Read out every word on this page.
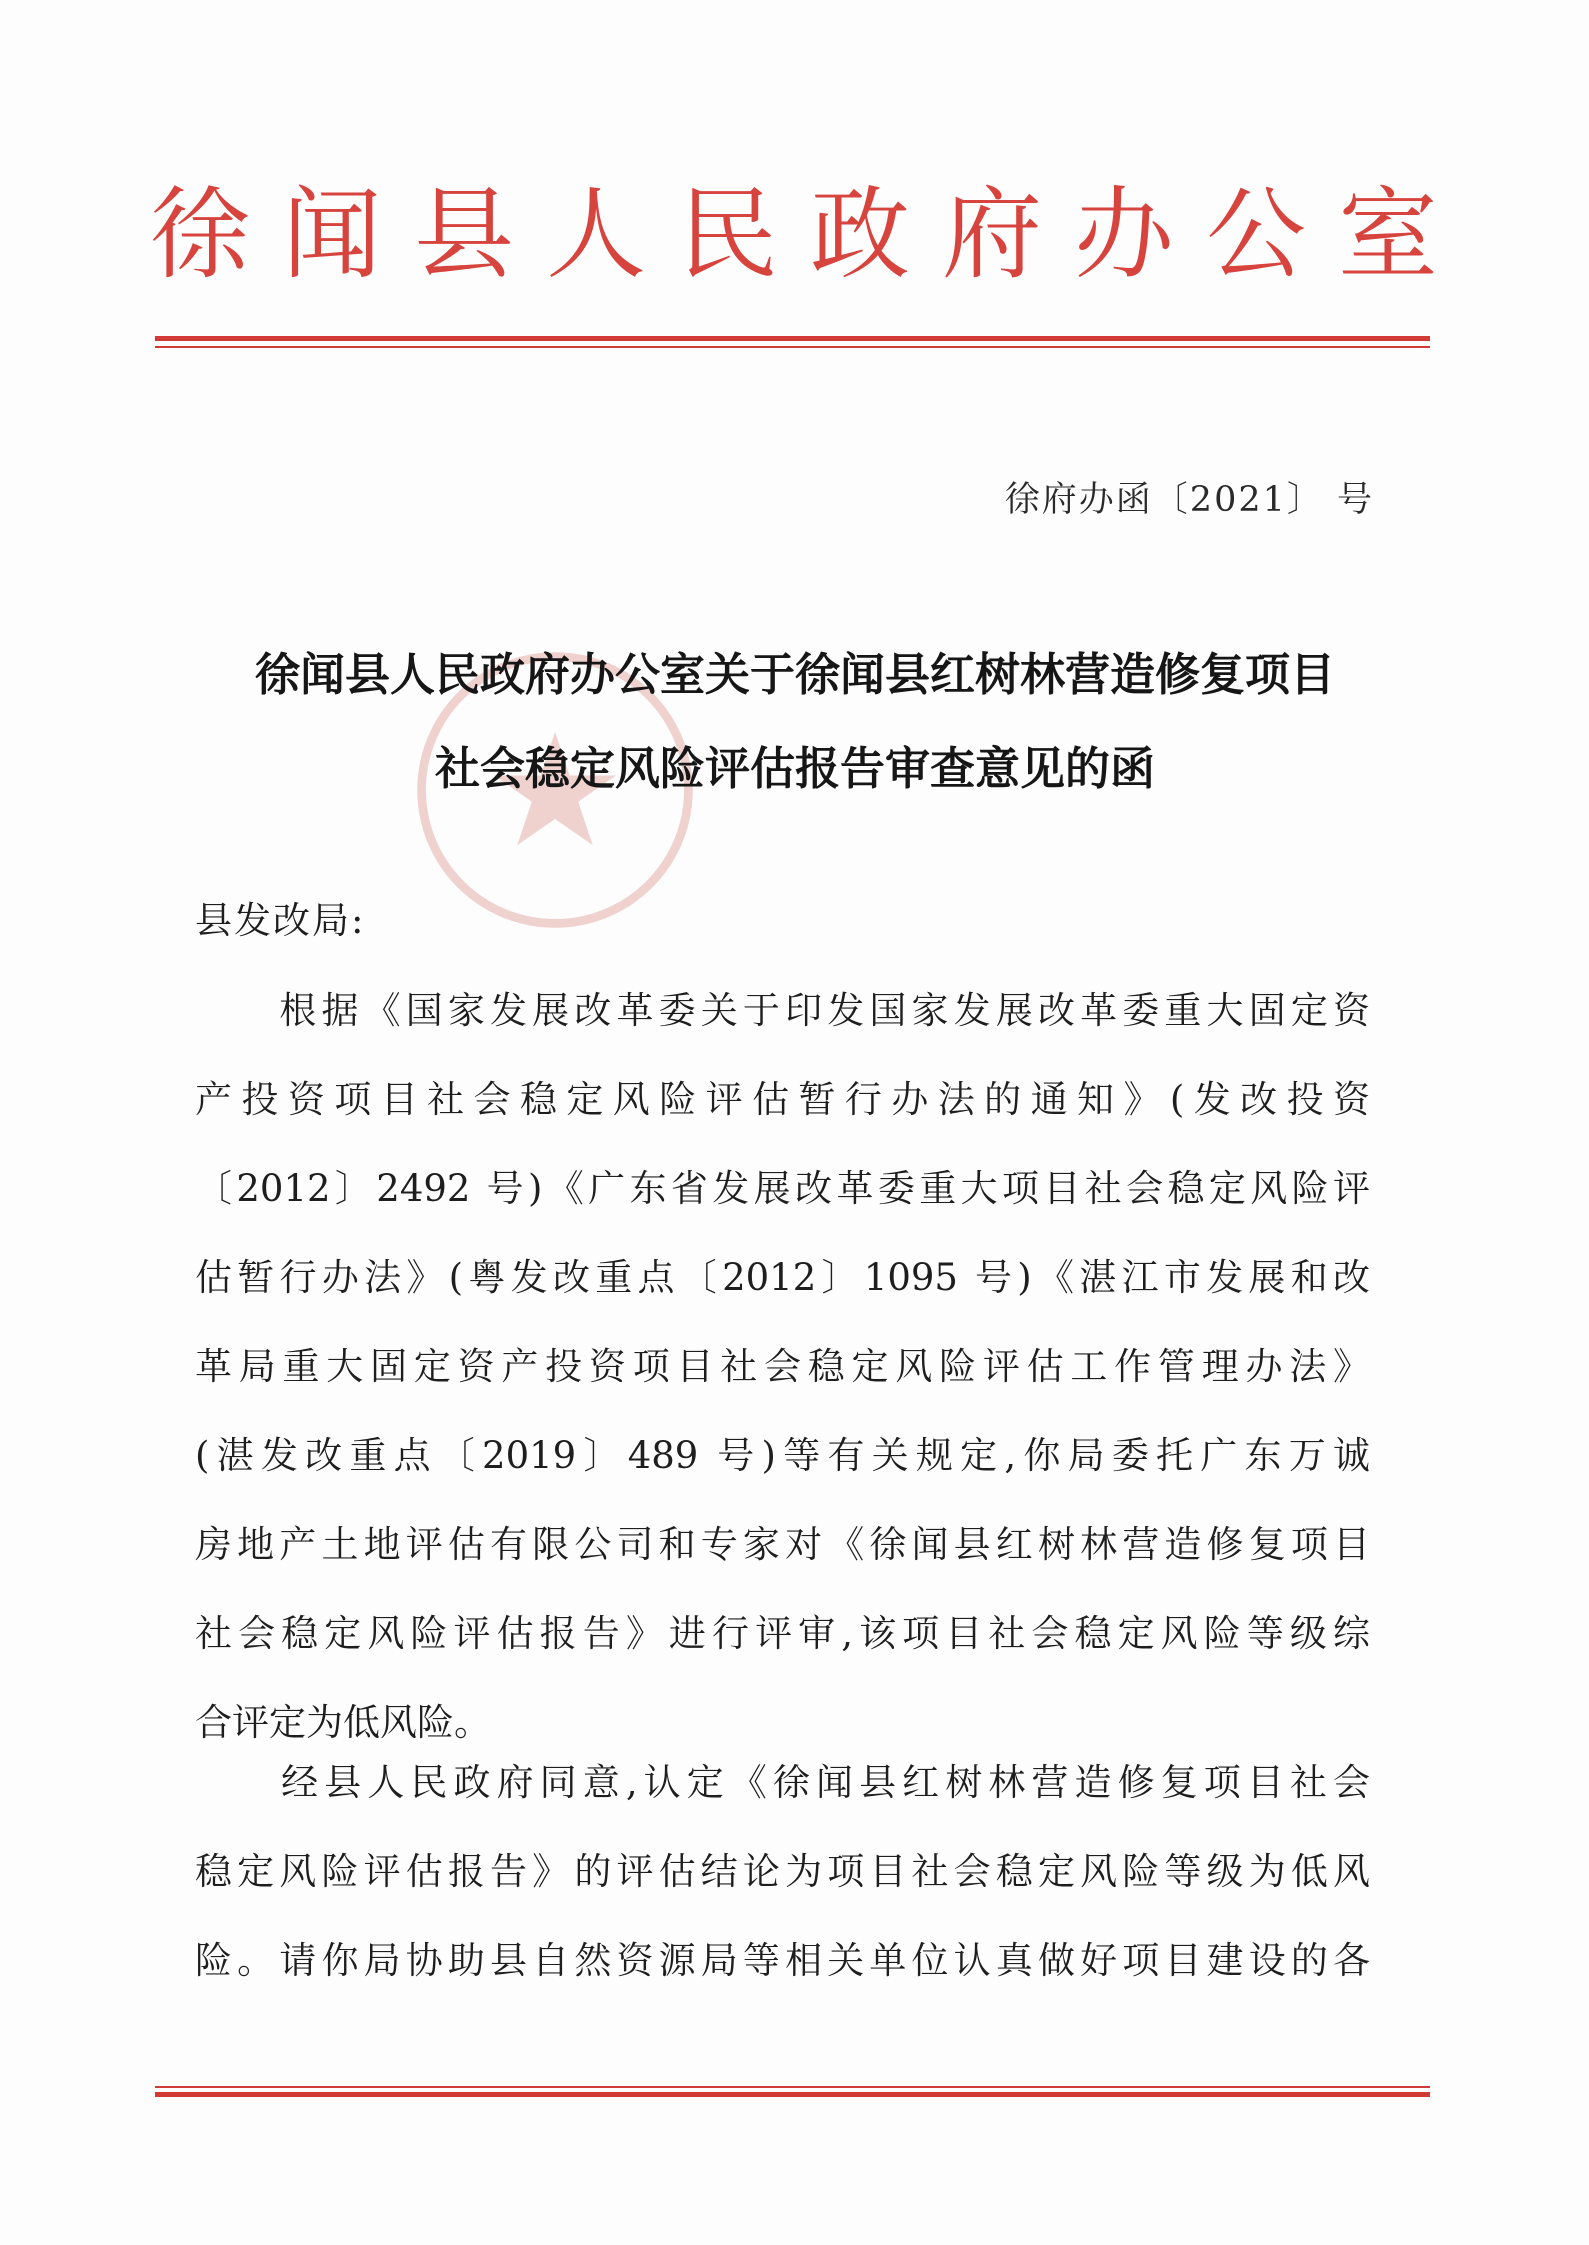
徐闻县人民政府办公室
徐府办函〔2021〕 号
徐闻县人民政府办公室关于徐闻县红树林营造修复项目
社会稳定风险评估报告审查意见的函
县发改局:
　　根据《国家发展改革委关于印发国家发展改革委重大固定资
产投资项目社会稳定风险评估暂行办法的通知》(发改投资
〔2012〕2492 号)《广东省发展改革委重大项目社会稳定风险评
估暂行办法》(粤发改重点〔2012〕1095 号)《湛江市发展和改
革局重大固定资产投资项目社会稳定风险评估工作管理办法》
(湛发改重点〔2019〕489 号)等有关规定,你局委托广东万诚
房地产土地评估有限公司和专家对《徐闻县红树林营造修复项目
社会稳定风险评估报告》进行评审,该项目社会稳定风险等级综
合评定为低风险。
　　经县人民政府同意,认定《徐闻县红树林营造修复项目社会
稳定风险评估报告》的评估结论为项目社会稳定风险等级为低风
险。请你局协助县自然资源局等相关单位认真做好项目建设的各
